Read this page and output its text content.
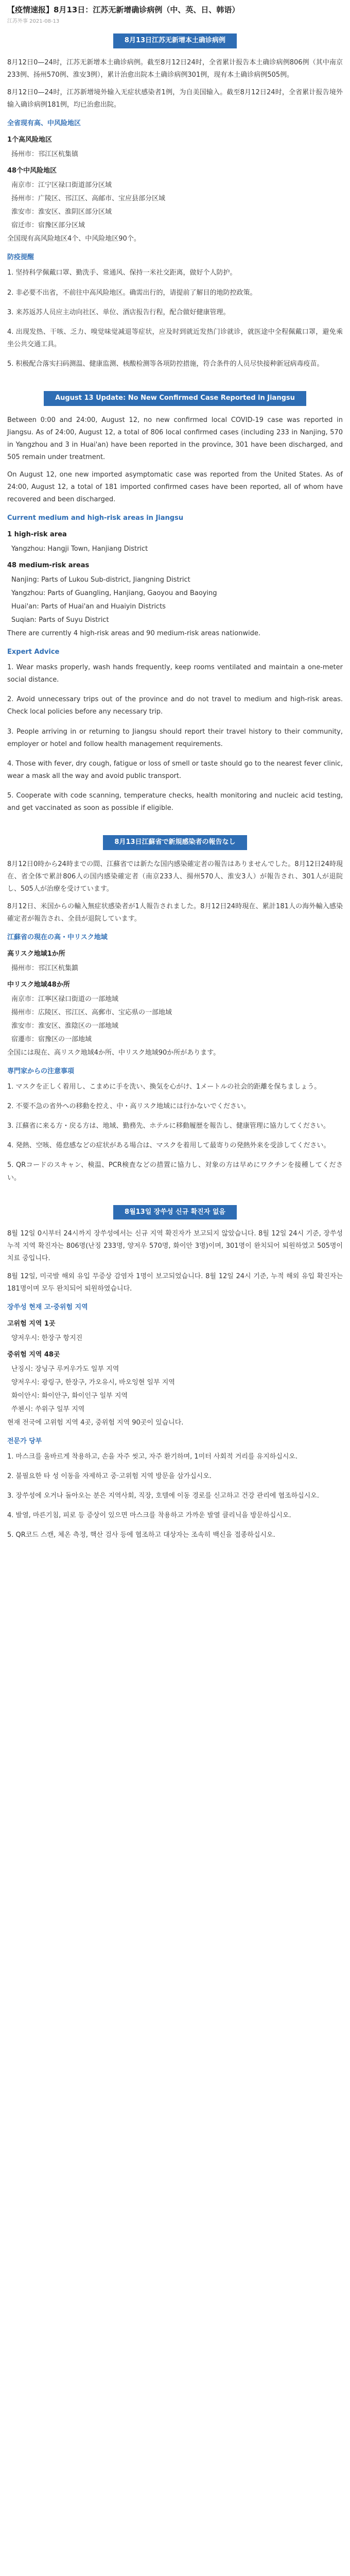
【疫情速报】8月13日：江苏无新增确诊病例（中、英、日、韩语）
江苏外事 2021-08-13
8月13日江苏无新增本土确诊病例
8月12日0—24时，江苏无新增本土确诊病例。截至8月12日24时，全省累计报告本土确诊病例806例（其中南京233例、扬州570例、淮安3例），累计治愈出院本土确诊病例301例，现有本土确诊病例505例。
8月12日0—24时，江苏新增境外输入无症状感染者1例，为自美国输入。截至8月12日24时，全省累计报告境外输入确诊病例181例，均已治愈出院。
全省现有高、中风险地区
1个高风险地区
扬州市：邗江区杭集镇
48个中风险地区
南京市：江宁区禄口街道部分区域
扬州市：广陵区、邗江区、高邮市、宝应县部分区域
淮安市：淮安区、淮阴区部分区域
宿迁市：宿豫区部分区域
全国现有高风险地区4个、中风险地区90个。
防疫提醒
1. 坚持科学佩戴口罩、勤洗手、常通风、保持一米社交距离，做好个人防护。
2. 非必要不出省，不前往中高风险地区。确需出行的，请提前了解目的地防控政策。
3. 来苏返苏人员应主动向社区、单位、酒店报告行程，配合做好健康管理。
4. 出现发热、干咳、乏力、嗅觉味觉减退等症状，应及时到就近发热门诊就诊，就医途中全程佩戴口罩，避免乘坐公共交通工具。
5. 积极配合落实扫码测温、健康监测、核酸检测等各项防控措施，符合条件的人员尽快接种新冠病毒疫苗。
August 13 Update: No New Confirmed Case Reported in Jiangsu
Between 0:00 and 24:00, August 12, no new confirmed local COVID-19 case was reported in Jiangsu. As of 24:00, August 12, a total of 806 local confirmed cases (including 233 in Nanjing, 570 in Yangzhou and 3 in Huai'an) have been reported in the province, 301 have been discharged, and 505 remain under treatment.
On August 12, one new imported asymptomatic case was reported from the United States. As of 24:00, August 12, a total of 181 imported confirmed cases have been reported, all of whom have recovered and been discharged.
Current medium and high-risk areas in Jiangsu
1 high-risk area
Yangzhou: Hangji Town, Hanjiang District
48 medium-risk areas
Nanjing: Parts of Lukou Sub-district, Jiangning District
Yangzhou: Parts of Guangling, Hanjiang, Gaoyou and Baoying
Huai'an: Parts of Huai'an and Huaiyin Districts
Suqian: Parts of Suyu District
There are currently 4 high-risk areas and 90 medium-risk areas nationwide.
Expert Advice
1. Wear masks properly, wash hands frequently, keep rooms ventilated and maintain a one-meter social distance.
2. Avoid unnecessary trips out of the province and do not travel to medium and high-risk areas. Check local policies before any necessary trip.
3. People arriving in or returning to Jiangsu should report their travel history to their community, employer or hotel and follow health management requirements.
4. Those with fever, dry cough, fatigue or loss of smell or taste should go to the nearest fever clinic, wear a mask all the way and avoid public transport.
5. Cooperate with code scanning, temperature checks, health monitoring and nucleic acid testing, and get vaccinated as soon as possible if eligible.
8月13日江蘇省で新規感染者の報告なし
8月12日0時から24時までの間、江蘇省では新たな国内感染確定者の報告はありませんでした。8月12日24時現在、省全体で累計806人の国内感染確定者（南京233人、揚州570人、淮安3人）が報告され、301人が退院し、505人が治療を受けています。
8月12日、米国からの輸入無症状感染者が1人報告されました。8月12日24時現在、累計181人の海外輸入感染確定者が報告され、全員が退院しています。
江蘇省の現在の高・中リスク地域
高リスク地域1か所
揚州市：邗江区杭集鎮
中リスク地域48か所
南京市：江寧区禄口街道の一部地域
揚州市：広陵区、邗江区、高郵市、宝応県の一部地域
淮安市：淮安区、淮陰区の一部地域
宿遷市：宿豫区の一部地域
全国には現在、高リスク地域4か所、中リスク地域90か所があります。
専門家からの注意事項
1. マスクを正しく着用し、こまめに手を洗い、換気を心がけ、1メートルの社会的距離を保ちましょう。
2. 不要不急の省外への移動を控え、中・高リスク地域には行かないでください。
3. 江蘇省に来る方・戻る方は、地域、勤務先、ホテルに移動履歴を報告し、健康管理に協力してください。
4. 発熱、空咳、倦怠感などの症状がある場合は、マスクを着用して最寄りの発熱外来を受診してください。
5. QRコードのスキャン、検温、PCR検査などの措置に協力し、対象の方は早めにワクチンを接種してください。
8월13일 장쑤성 신규 확진자 없음
8월 12일 0시부터 24시까지 장쑤성에서는 신규 지역 확진자가 보고되지 않았습니다. 8월 12일 24시 기준, 장쑤성 누적 지역 확진자는 806명(난징 233명, 양저우 570명, 화이안 3명)이며, 301명이 완치되어 퇴원하였고 505명이 치료 중입니다.
8월 12일, 미국발 해외 유입 무증상 감염자 1명이 보고되었습니다. 8월 12일 24시 기준, 누적 해외 유입 확진자는 181명이며 모두 완치되어 퇴원하였습니다.
장쑤성 현재 고·중위험 지역
고위험 지역 1곳
양저우시: 한장구 항지진
중위험 지역 48곳
난징시: 장닝구 루커우가도 일부 지역
양저우시: 광링구, 한장구, 가오유시, 바오잉현 일부 지역
화이안시: 화이안구, 화이인구 일부 지역
쑤첸시: 쑤위구 일부 지역
현재 전국에 고위험 지역 4곳, 중위험 지역 90곳이 있습니다.
전문가 당부
1. 마스크를 올바르게 착용하고, 손을 자주 씻고, 자주 환기하며, 1미터 사회적 거리를 유지하십시오.
2. 불필요한 타 성 이동을 자제하고 중·고위험 지역 방문을 삼가십시오.
3. 장쑤성에 오거나 돌아오는 분은 지역사회, 직장, 호텔에 이동 경로를 신고하고 건강 관리에 협조하십시오.
4. 발열, 마른기침, 피로 등 증상이 있으면 마스크를 착용하고 가까운 발열 클리닉을 방문하십시오.
5. QR코드 스캔, 체온 측정, 핵산 검사 등에 협조하고 대상자는 조속히 백신을 접종하십시오.
